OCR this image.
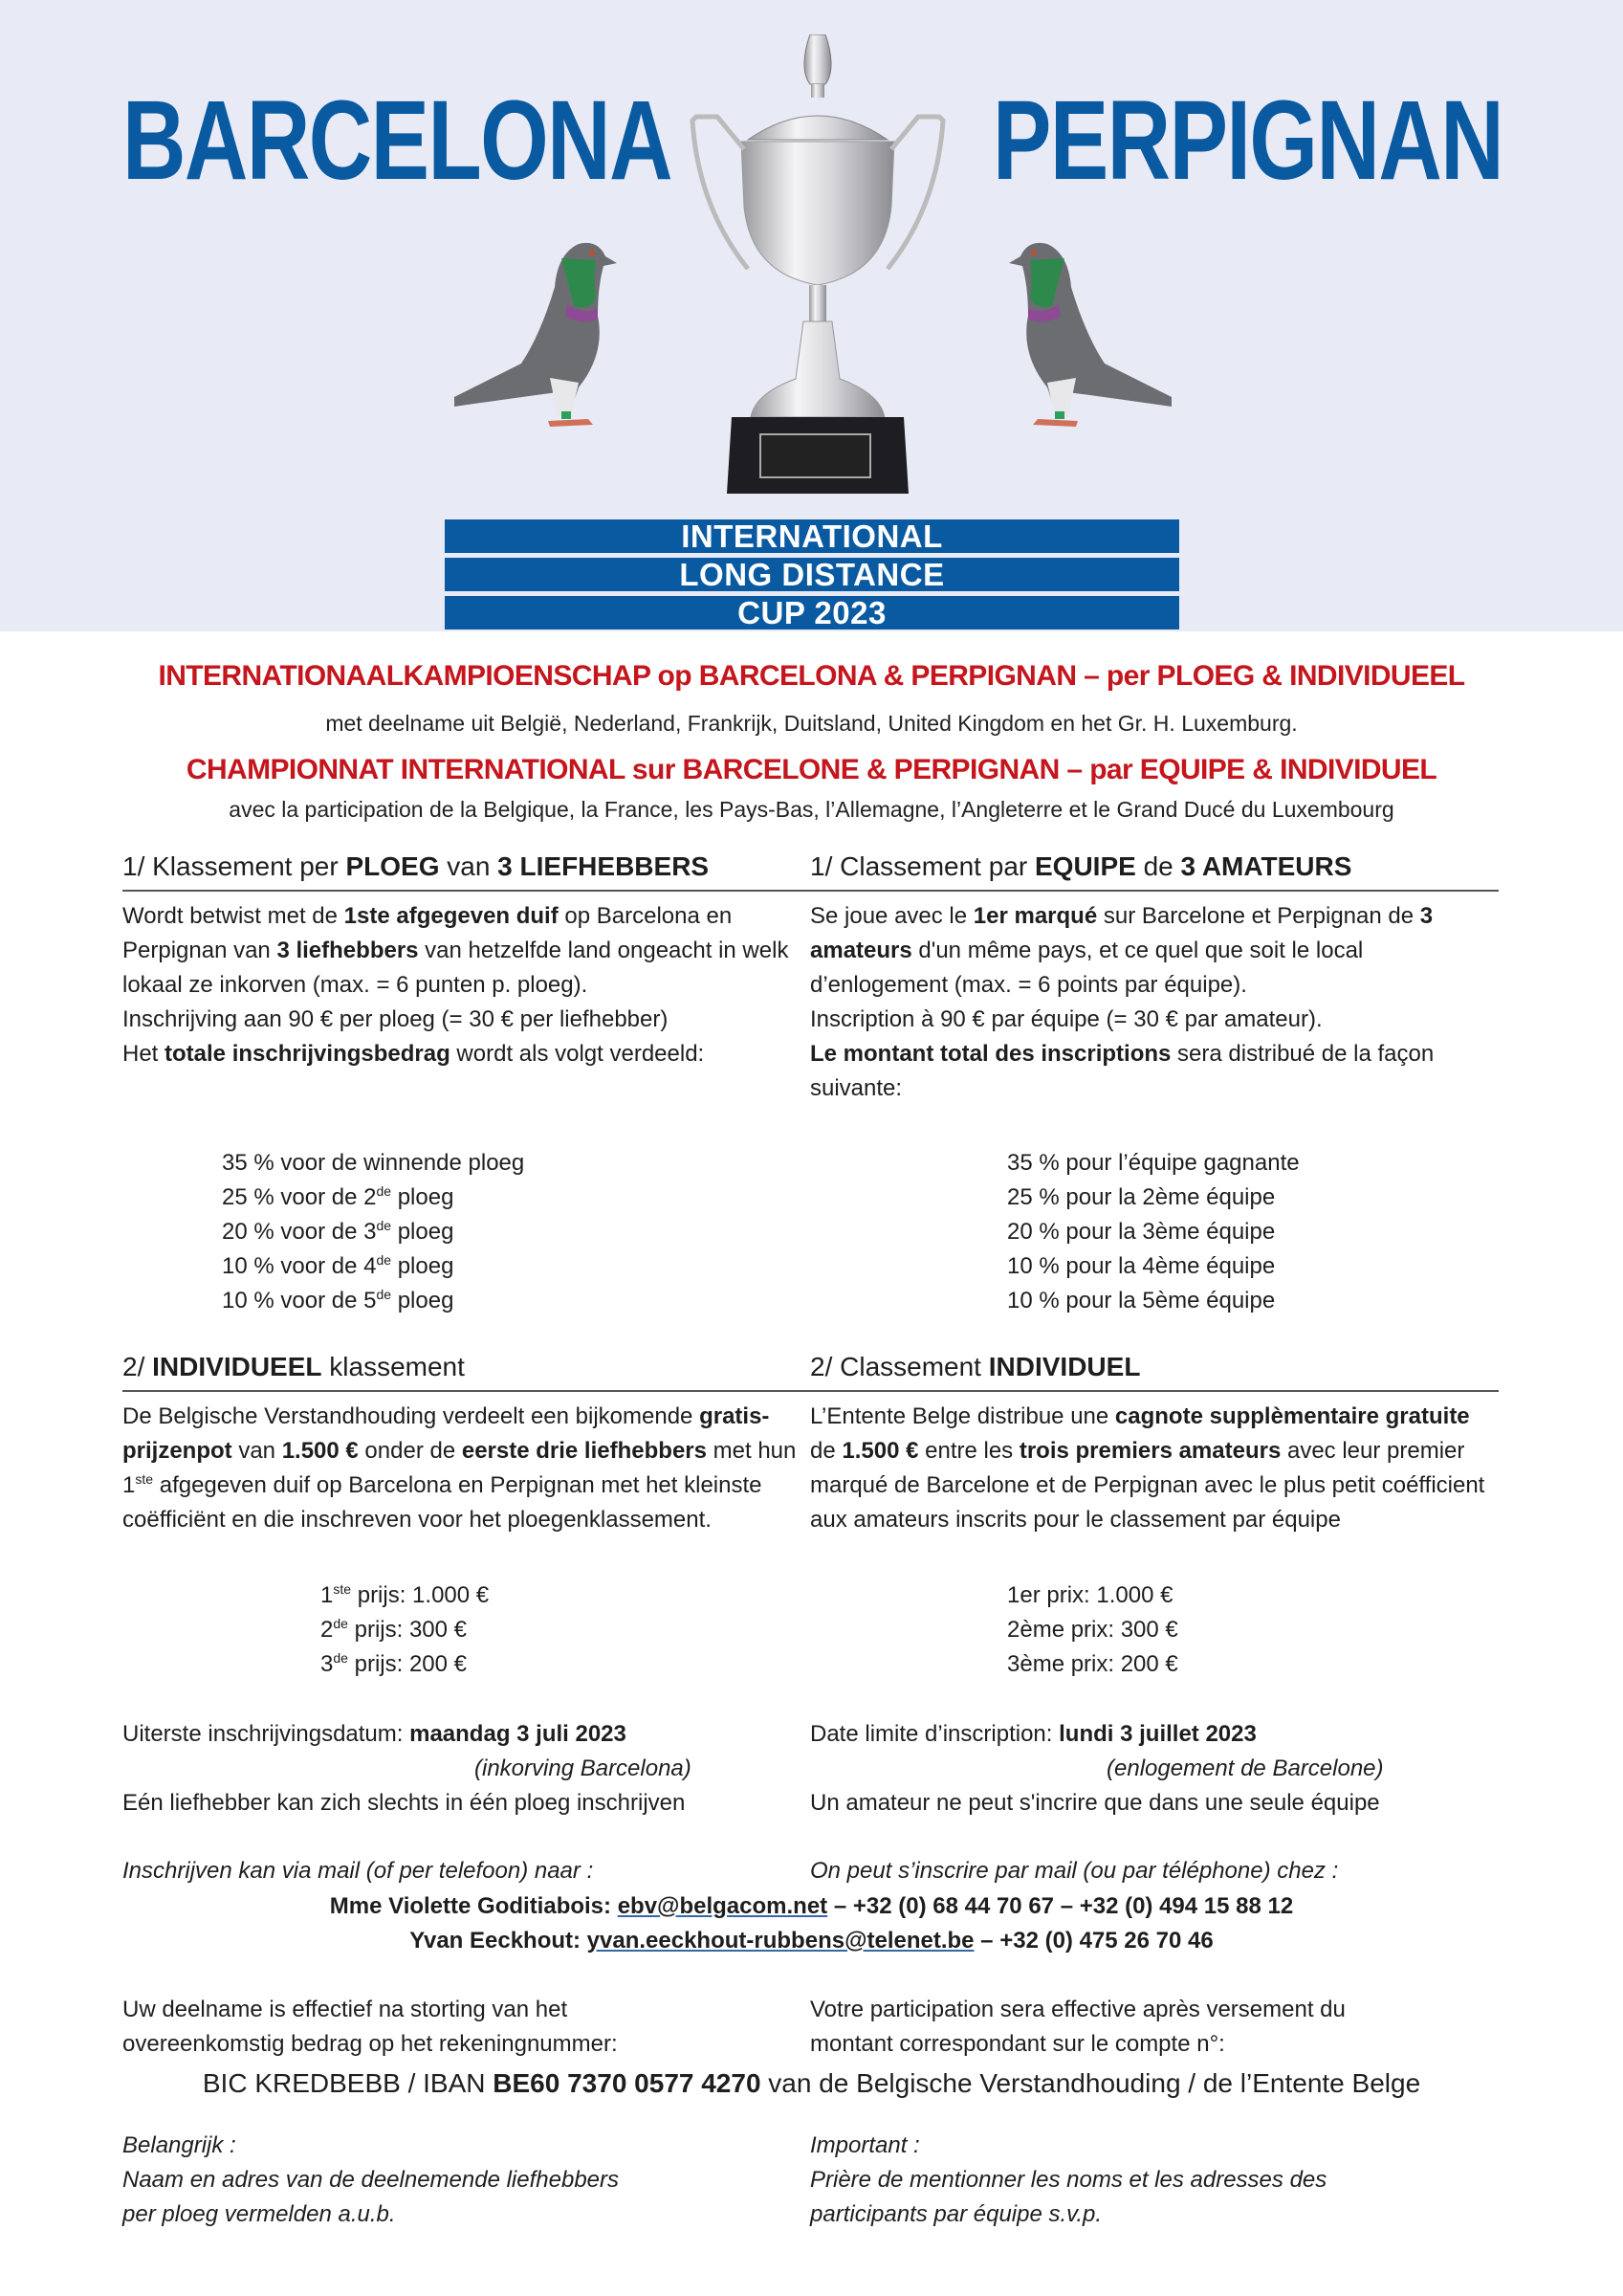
BARCELONA	PERPIGNAN
INTERNATIONAL
LONG DISTANCE
CUP 2023
INTERNATIONAALKAMPIOENSCHAP op BARCELONA & PERPIGNAN – per PLOEG & INDIVIDUEEL
met deelname uit België, Nederland, Frankrijk, Duitsland, United Kingdom en het Gr. H. Luxemburg.
CHAMPIONNAT INTERNATIONAL sur BARCELONE & PERPIGNAN – par EQUIPE & INDIVIDUEL
avec la participation de la Belgique, la France, les Pays-Bas, l’Allemagne, l’Angleterre et le Grand Ducé du Luxembourg
1/ Klassement per PLOEG van 3 LIEFHEBBERS
Wordt betwist met de 1ste afgegeven duif op Barcelona en Perpignan van 3 liefhebbers van hetzelfde land ongeacht in welk lokaal ze inkorven (max. = 6 punten p. ploeg).
Inschrijving aan 90 € per ploeg (= 30 € per liefhebber)
Het totale inschrijvingsbedrag wordt als volgt verdeeld:
35 % voor de winnende ploeg
25 % voor de 2de ploeg
20 % voor de 3de ploeg
10 % voor de 4de ploeg
10 % voor de 5de ploeg
1/ Classement par EQUIPE de 3 AMATEURS
Se joue avec le 1er marqué sur Barcelone et Perpignan de 3 amateurs d'un même pays, et ce quel que soit le local d’enlogement (max. = 6 points par équipe).
Inscription à 90 € par équipe (= 30 € par amateur).
Le montant total des inscriptions sera distribué de la façon suivante:
35 % pour l’équipe gagnante
25 % pour la 2ème équipe
20 % pour la 3ème équipe
10 % pour la 4ème équipe
10 % pour la 5ème équipe
2/ INDIVIDUEEL klassement
De Belgische Verstandhouding verdeelt een bijkomende gratis-prijzenpot van 1.500 € onder de eerste drie liefhebbers met hun 1ste afgegeven duif op Barcelona en Perpignan met het kleinste coëfficiënt en die inschreven voor het ploegenklassement.
1ste prijs: 1.000 €
2de prijs: 300 €
3de prijs: 200 €
2/ Classement INDIVIDUEL
L’Entente Belge distribue une cagnote supplèmentaire gratuite de 1.500 € entre les trois premiers amateurs avec leur premier marqué de Barcelone et de Perpignan avec le plus petit coéfficient aux amateurs inscrits pour le classement par équipe
1er prix: 1.000 €
2ème prix: 300 €
3ème prix: 200 €
Uiterste inschrijvingsdatum: maandag 3 juli 2023
(inkorving Barcelona)
Eén liefhebber kan zich slechts in één ploeg inschrijven
Date limite d’inscription: lundi 3 juillet 2023
(enlogement de Barcelone)
Un amateur ne peut s'incrire que dans une seule équipe
Inschrijven kan via mail (of per telefoon) naar :	On peut s’inscrire par mail (ou par téléphone) chez :
Mme Violette Goditiabois: ebv@belgacom.net – +32 (0) 68 44 70 67 – +32 (0) 494 15 88 12
Yvan Eeckhout: yvan.eeckhout-rubbens@telenet.be – +32 (0) 475 26 70 46
Uw deelname is effectief na storting van het overeenkomstig bedrag op het rekeningnummer:
Votre participation sera effective après versement du montant correspondant sur le compte n°:
BIC KREDBEBB / IBAN BE60 7370 0577 4270 van de Belgische Verstandhouding / de l’Entente Belge
Belangrijk :
Naam en adres van de deelnemende liefhebbers per ploeg vermelden a.u.b.
Important :
Prière de mentionner les noms et les adresses des participants par équipe s.v.p.
